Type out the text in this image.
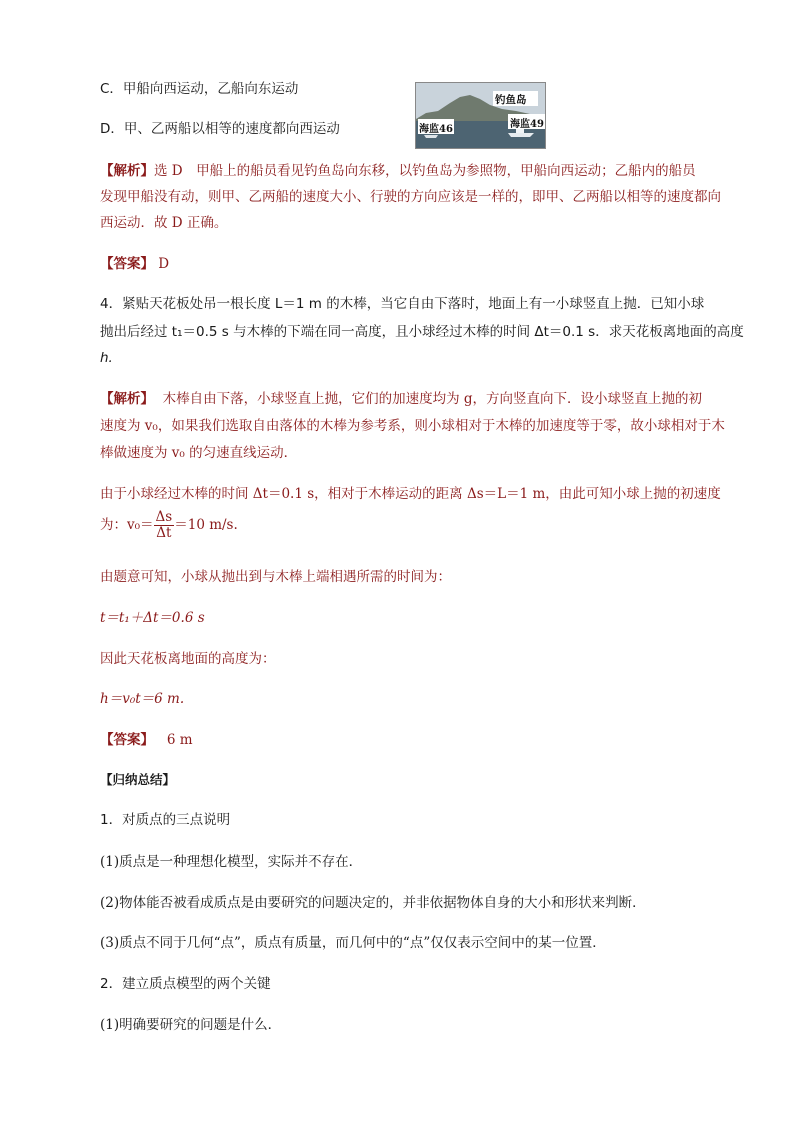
C．甲船向西运动，乙船向东运动
D．甲、乙两船以相等的速度都向西运动
钓鱼岛
海监46	海监49
【解析】选 D　甲船上的船员看见钓鱼岛向东移，以钓鱼岛为参照物，甲船向西运动；乙船内的船员
发现甲船没有动，则甲、乙两船的速度大小、行驶的方向应该是一样的，即甲、乙两船以相等的速度都向
西运动．故 D 正确。
【答案】 D
4．紧贴天花板处吊一根长度 L＝1 m 的木棒，当它自由下落时，地面上有一小球竖直上抛．已知小球
抛出后经过 t₁＝0.5 s 与木棒的下端在同一高度，且小球经过木棒的时间 Δt＝0.1 s．求天花板离地面的高度
h.
【解析】 木棒自由下落，小球竖直上抛，它们的加速度均为 g，方向竖直向下．设小球竖直上抛的初
速度为 v₀，如果我们选取自由落体的木棒为参考系，则小球相对于木棒的加速度等于零，故小球相对于木
棒做速度为 v₀ 的匀速直线运动．
由于小球经过木棒的时间 Δt＝0.1 s，相对于木棒运动的距离 Δs＝L＝1 m，由此可知小球上抛的初速度
为：$v_0= \frac{\Delta s}{\Delta t} =10$ m/s.
由题意可知，小球从抛出到与木棒上端相遇所需的时间为：
t＝t₁＋Δt＝0.6 s
因此天花板离地面的高度为：
h＝v₀t＝6 m.
【答案】 6 m
【归纳总结】
1．对质点的三点说明
(1)质点是一种理想化模型，实际并不存在．
(2)物体能否被看成质点是由要研究的问题决定的，并非依据物体自身的大小和形状来判断．
(3)质点不同于几何“点”，质点有质量，而几何中的“点”仅仅表示空间中的某一位置．
2．建立质点模型的两个关键
(1)明确要研究的问题是什么．
